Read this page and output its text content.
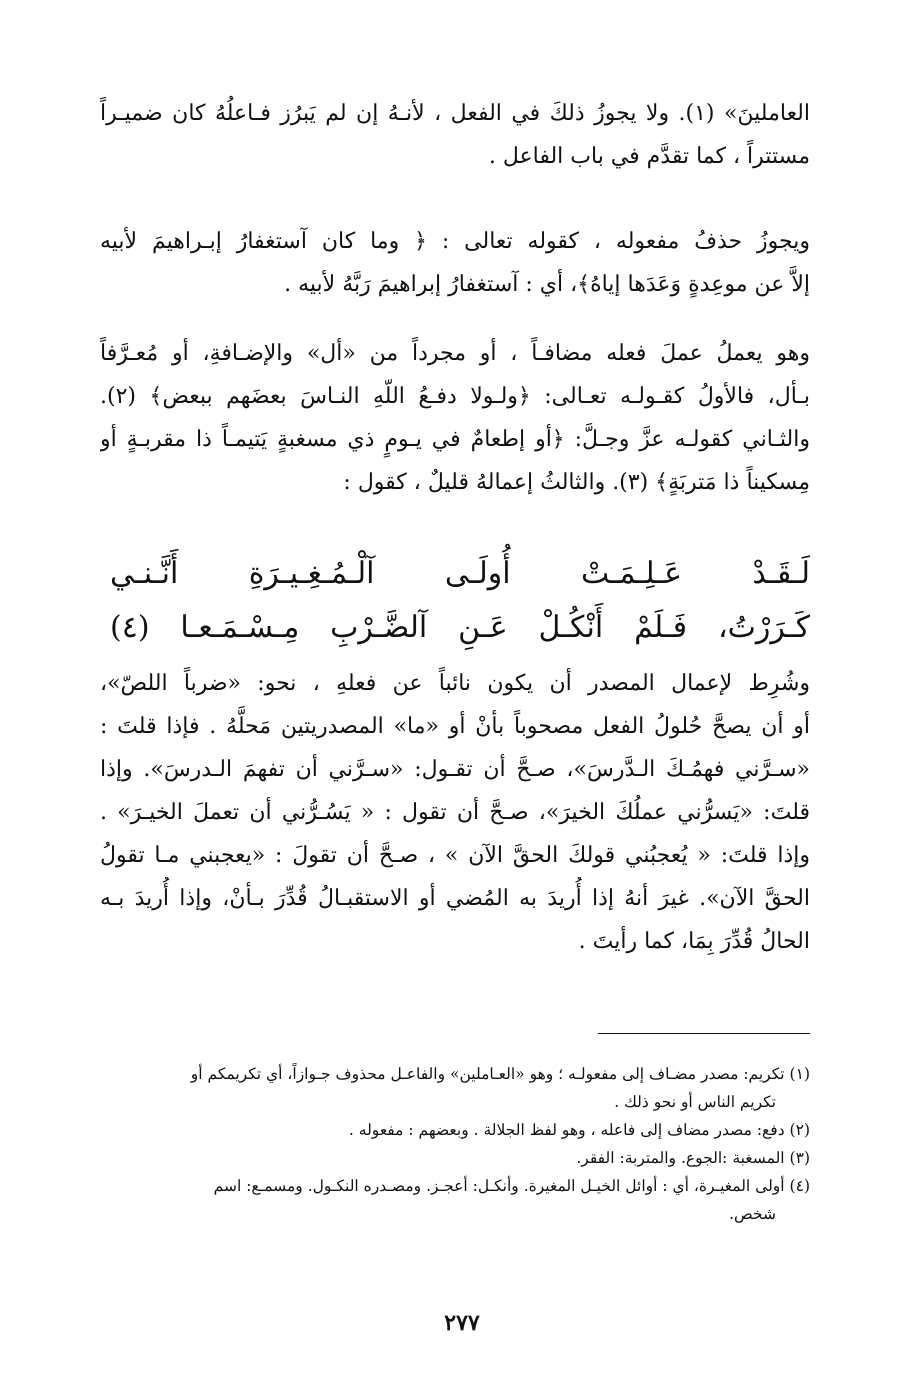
العاملينَ» (١). ولا يجوزُ ذلكَ في الفعل ، لأنـهُ إن لم يَبرُز فـاعلُهُ كان ضميـراً
مستتراً ، كما تقدَّم في باب الفاعل .
ويجوزُ حذفُ مفعوله ، كقوله تعالى : ﴿ وما كان آستغفارُ إبـراهيمَ لأبيه
إلاَّ عن موعِدةٍ وَعَدَها إياهُ﴾، أي : آستغفارُ إبراهيمَ رَبَّهُ لأبيه .
وهو يعملُ عملَ فعله مضافـاً ، أو مجرداً من «أل» والإضـافةِ، أو مُعـرَّفاً
بـأل، فالأولُ كقـولـه تعـالى: ﴿ولـولا دفـعُ اللّهِ النـاسَ بعضَهم ببعض﴾ (٢).
والثـاني كقولـه عزَّ وجـلَّ: ﴿أو إطعامٌ في يـومٍ ذي مسغبةٍ يَتيمـاً ذا مقربـةٍ أو
مِسكيناً ذا مَتربَةٍ﴾ (٣). والثالثُ إعمالهُ قليلٌ ، كقول :
لَـقَـدْ عَـلِـمَـتْ أُولَـى آلْـمُـغِـيـرَةِ أَنَّـنـي
كَـرَرْتُ، فَـلَمْ أَنْكُـلْ عَـنِ آلضَّـرْبِ مِـسْـمَـعـا (٤)
وشُرِط لإعمال المصدر أن يكون نائباً عن فعلهِ ، نحو: «ضرباً اللصّ»،
أو أن يصحَّ حُلولُ الفعل مصحوباً بأنْ أو «ما» المصدريتين مَحلَّهُ . فإذا قلتَ :
«سـرَّني فهمُـكَ الـدَّرسَ»، صـحَّ أن تقـول: «سـرَّني أن تفهمَ الـدرسَ». وإذا
قلتَ: «يَسرُّني عملُكَ الخيرَ»، صـحَّ أن تقول : « يَسُـرُّني أن تعملَ الخيـرَ» .
وإذا قلتَ: « يُعجبُني قولكَ الحقَّ الآن » ، صـحَّ أن تقولَ : «يعجبني مـا تقولُ
الحقَّ الآن». غيرَ أنهُ إذا أُريدَ به المُضي أو الاستقبـالُ قُدِّرَ بـأنْ، وإذا أُريدَ بـه
الحالُ قُدِّرَ بِمَا، كما رأيتَ .

(١) تكريم: مصدر مضـاف إلى مفعولـه ؛ وهو «العـاملين» والفاعـل محذوف جـوازاً، أي تكريمكم أو
تكريم الناس أو نحو ذلك .

(٢) دفع: مصدر مضاف إلى فاعله ، وهو لفظ الجلالة . وبعضهم : مفعوله .

(٣) المسغبة :الجوع. والمتربة: الفقر.

(٤) أولى المغيـرة، أي : أوائل الخيـل المغيرة. وأنكـل: أعجـز. ومصـدره النكـول. ومسمـع: اسم
شخص.

٢٧٧
